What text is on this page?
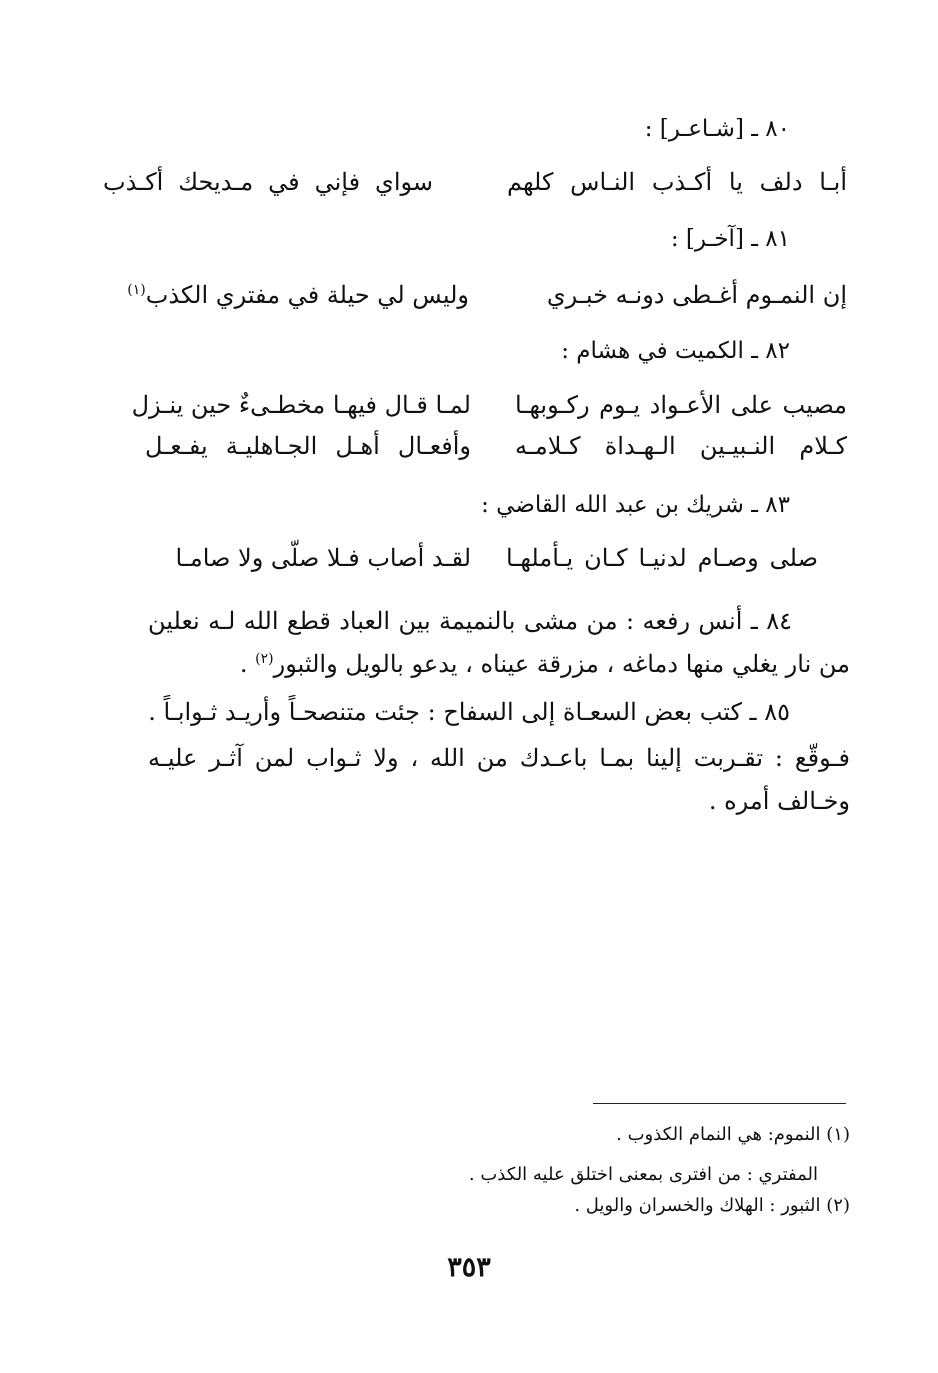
٨٠ ـ [شـاعـر] :
أبـا دلف يا أكـذب النـاس كلهم
سواي فإني في مـديحك أكـذب
٨١ ـ [آخـر] :
إن النمـوم أغـطى دونـه خبـري
وليس لي حيلة في مفتري الكذب$^{(١)}$
٨٢ ـ الكميت في هشام :
مصيب على الأعـواد يـوم ركـوبهـا
لمـا قـال فيهـا مخطـىءٌ حين ينـزل
كـلام النـبيـين الـهـداة كـلامـه
وأفعـال أهـل الجـاهليـة يفـعـل
٨٣ ـ شريك بن عبد الله القاضي :
صلى وصـام لدنيـا كـان يـأملهـا
لقـد أصاب فـلا صلّى ولا صامـا
٨٤ ـ أنس رفعه : من مشى بالنميمة بين العباد قطع الله لـه نعلين من نار يغلي منها دماغه ، مزرقة عيناه ، يدعو بالويل والثبور$^{(٢)}$ .
٨٥ ـ كتب بعض السعـاة إلى السفاح : جئت متنصحـاً وأريـد ثـوابـاً .
فـوقّع : تقـربت إلينا بمـا باعـدك من الله ، ولا ثـواب لمن آثـر عليـه وخـالف أمره .
(١) النموم: هي النمام الكذوب .
المفتري : من افترى بمعنى اختلق عليه الكذب .
(٢) الثبور : الهلاك والخسران والويل .
٣٥٣
